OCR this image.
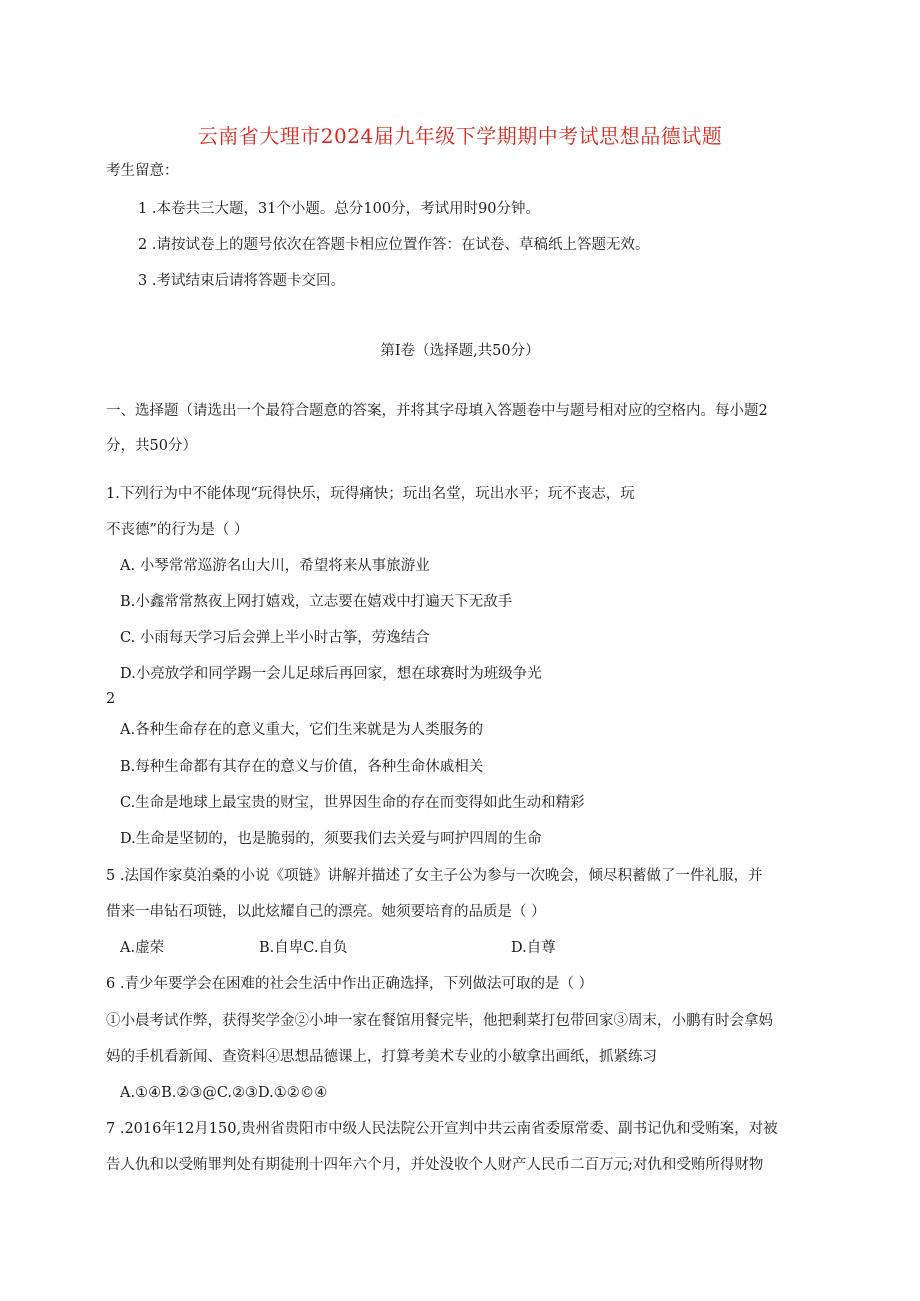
云南省大理市2024届九年级下学期期中考试思想品德试题
考生留意：
1 .本卷共三大题，31个小题。总分100分，考试用时90分钟。
2 .请按试卷上的题号依次在答题卡相应位置作答：在试卷、草稿纸上答题无效。
3 .考试结束后请将答题卡交回。
第I卷（选择题,共50分）
一、选择题（请选出一个最符合题意的答案，并将其字母填入答题卷中与题号相对应的空格内。每小题2
分，共50分）
1.下列行为中不能体现“玩得快乐，玩得痛快；玩出名堂，玩出水平；玩不丧志，玩
不丧德”的行为是（ ）
A. 小琴常常巡游名山大川，希望将来从事旅游业
B.小鑫常常熬夜上网打嬉戏，立志要在嬉戏中打遍天下无敌手
C. 小雨每天学习后会弹上半小时古筝，劳逸结合
D.小亮放学和同学踢一会儿足球后再回家，想在球赛时为班级争光
2
A.各种生命存在的意义重大，它们生来就是为人类服务的
B.每种生命都有其存在的意义与价值，各种生命休戚相关
C.生命是地球上最宝贵的财宝，世界因生命的存在而变得如此生动和精彩
D.生命是坚韧的，也是脆弱的，须要我们去关爱与呵护四周的生命
5 .法国作家莫泊桑的小说《项链》讲解并描述了女主子公为参与一次晚会，倾尽积蓄做了一件礼服，并
借来一串钻石项链，以此炫耀自己的漂亮。她须要培育的品质是（ ）
A.虚荣	B.自卑C.自负	D.自尊
6 .青少年要学会在困难的社会生活中作出正确选择，下列做法可取的是（ ）
①小晨考试作弊，获得奖学金②小坤一家在餐馆用餐完毕，他把剩菜打包带回家③周末，小鹏有时会拿妈
妈的手机看新闻、查资料④思想品德课上，打算考美术专业的小敏拿出画纸，抓紧练习
A.①④B.②③@C.②③D.①②©④
7 .2016年12月150,贵州省贵阳市中级人民法院公开宣判中共云南省委原常委、副书记仇和受贿案，对被
告人仇和以受贿罪判处有期徒刑十四年六个月，并处没收个人财产人民币二百万元;对仇和受贿所得财物
